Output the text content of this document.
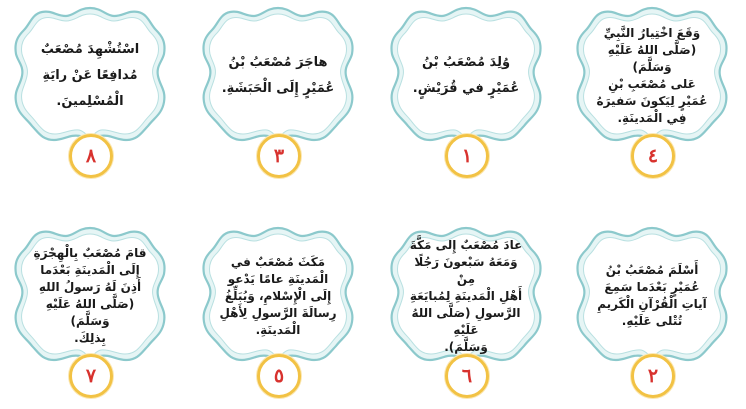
وَقَعَ اخْتِيارُ النَّبِيِّ
(صَلَّى اللهُ عَلَيْهِ وَسَلَّمَ)
عَلى مُصْعَبِ بْنِ
عُمَيْرٍ لِيَكونَ سَفيرَهُ
فِي الْمَدينَةِ.
٤
وُلِدَ مُصْعَبُ بْنُ
عُمَيْرٍ في قُرَيْشٍ.
١
هاجَرَ مُصْعَبُ بْنُ
عُمَيْرٍ إِلَى الْحَبَشَةِ.
٣
اسْتُشْهِدَ مُصْعَبٌ
مُدافِعًا عَنْ رايَةِ
الْمُسْلِمينَ.
٨
أَسْلَمَ مُصْعَبُ بْنُ
عُمَيْرٍ بَعْدَما سَمِعَ
آياتِ الْقُرْآنِ الْكَريمِ
تُتْلى عَلَيْهِ.
٢
عادَ مُصْعَبٌ إِلى مَكَّةَ
وَمَعَهُ سَبْعونَ رَجُلًا مِنْ
أَهْلِ الْمَدينَةِ لِمُبايَعَةِ
الرَّسولِ (صَلَّى اللهُ عَلَيْهِ
وَسَلَّمَ).
٦
مَكَثَ مُصْعَبٌ في
الْمَدينَةِ عامًا يَدْعو
إِلَى الْإِسْلامِ، وَيُبَلِّغُ
رِسالَةَ الرَّسولِ لِأَهْلِ
الْمَدينَةِ.
٥
قامَ مُصْعَبٌ بِالْهِجْرَةِ
إِلَى الْمَدينَةِ بَعْدَما
أَذِنَ لَهُ رَسولُ اللهِ
(صَلَّى اللهُ عَلَيْهِ وَسَلَّمَ)
بِذلِكَ.
٧
